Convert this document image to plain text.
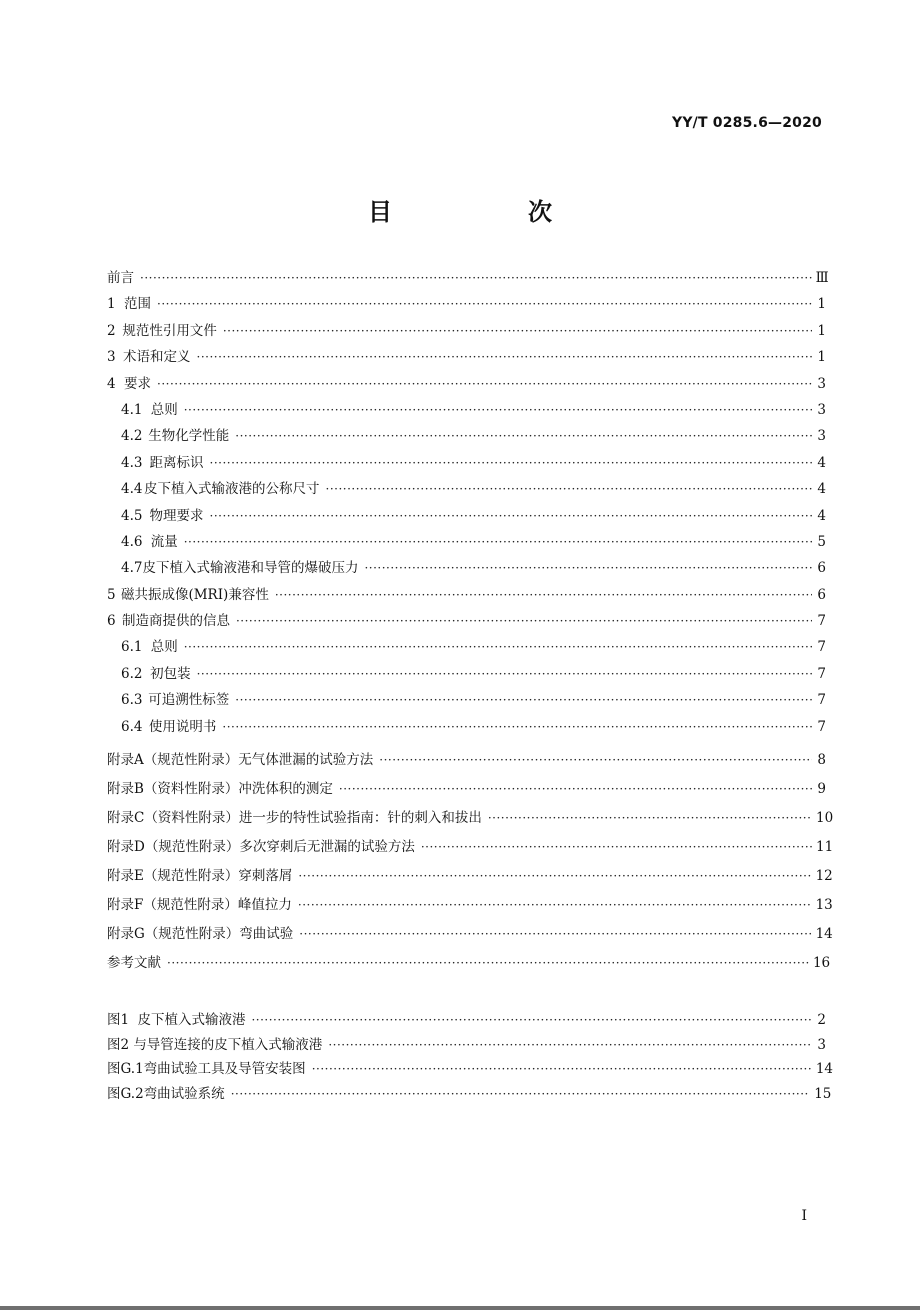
YY/T 0285.6—2020
目　次
前言 ·····	Ⅲ
1 范围 ·····	1
2 规范性引用文件 ·····	1
3 术语和定义 ·····	1
4 要求 ·····	3
4.1 总则 ·····	3
4.2 生物化学性能 ·····	3
4.3 距离标识 ·····	4
4.4 皮下植入式输液港的公称尺寸 ·····	4
4.5 物理要求 ·····	4
4.6 流量 ·····	5
4.7 皮下植入式输液港和导管的爆破压力 ·····	6
5 磁共振成像(MRI)兼容性 ·····	6
6 制造商提供的信息 ·····	7
6.1 总则 ·····	7
6.2 初包装 ·····	7
6.3 可追溯性标签 ·····	7
6.4 使用说明书 ·····	7
附录A（规范性附录） 无气体泄漏的试验方法 ·····	8
附录B（资料性附录） 冲洗体积的测定 ·····	9
附录C（资料性附录） 进一步的特性试验指南：针的刺入和拔出 ·····	10
附录D（规范性附录） 多次穿刺后无泄漏的试验方法 ·····	11
附录E（规范性附录） 穿刺落屑 ·····	12
附录F（规范性附录） 峰值拉力 ·····	13
附录G（规范性附录） 弯曲试验 ·····	14
参考文献 ·····	16
图1 皮下植入式输液港 ·····	2
图2 与导管连接的皮下植入式输液港 ·····	3
图G.1 弯曲试验工具及导管安装图 ·····	14
图G.2 弯曲试验系统 ·····	15
I
